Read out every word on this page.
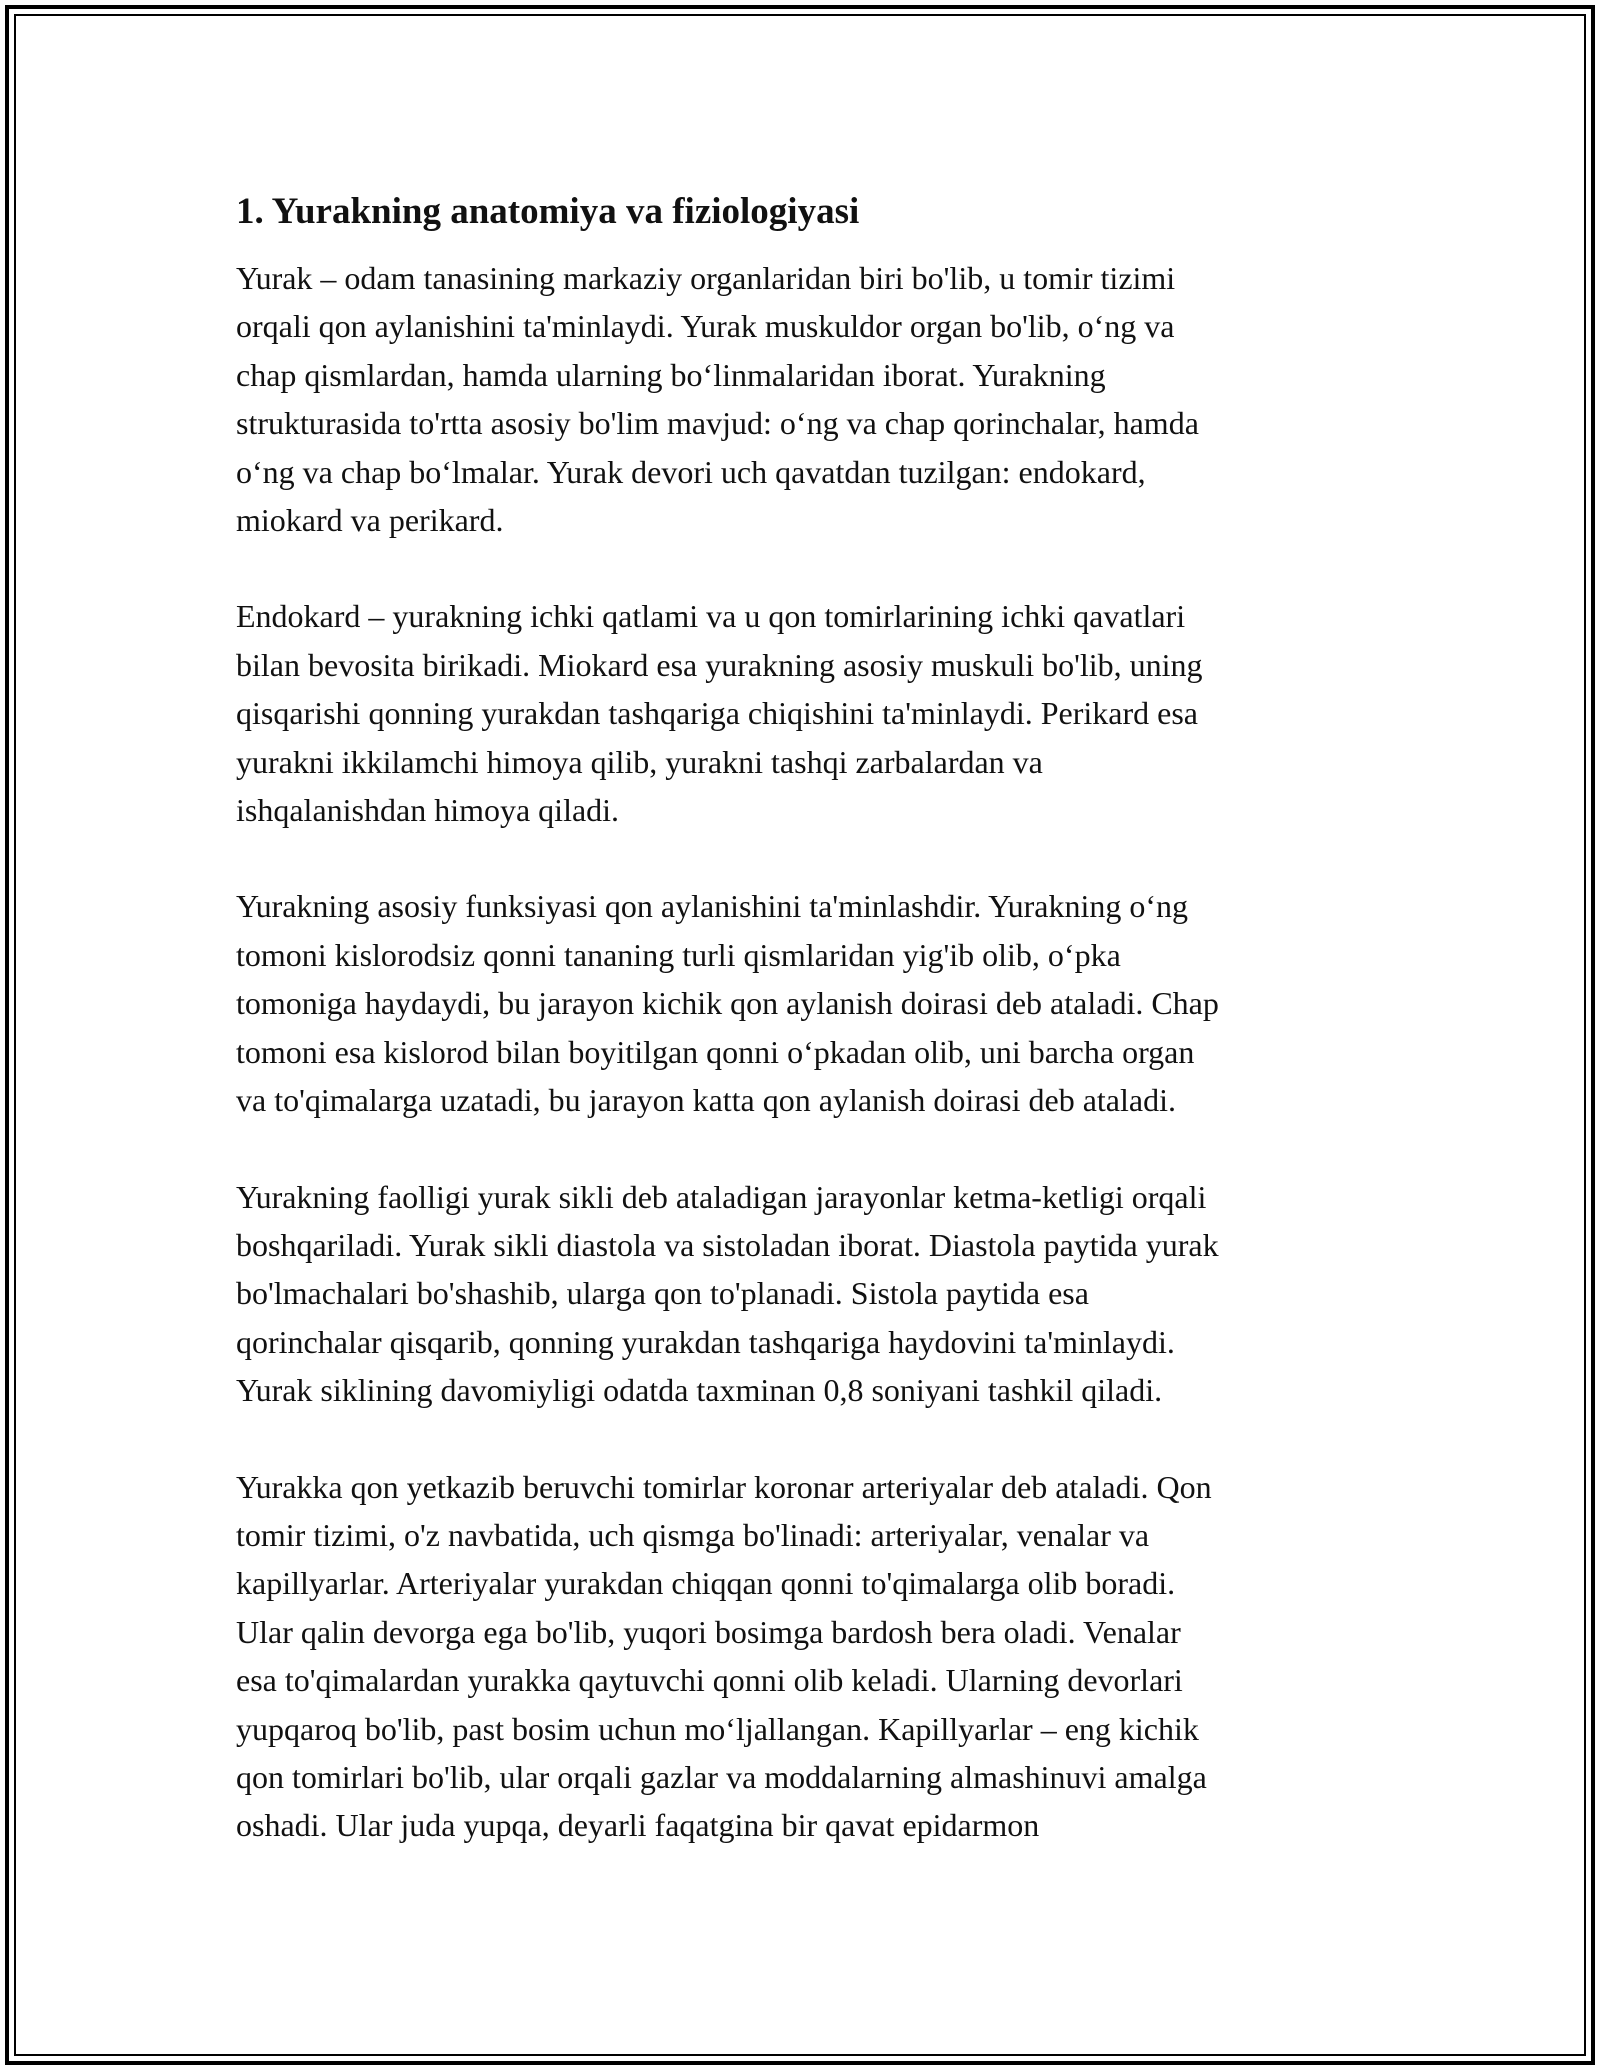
1. Yurakning anatomiya va fiziologiyasi

Yurak – odam tanasining markaziy organlaridan biri bo'lib, u tomir tizimi
orqali qon aylanishini ta'minlaydi. Yurak muskuldor organ bo'lib, o‘ng va
chap qismlardan, hamda ularning bo‘linmalaridan iborat. Yurakning
strukturasida to'rtta asosiy bo'lim mavjud: o‘ng va chap qorinchalar, hamda
o‘ng va chap bo‘lmalar. Yurak devori uch qavatdan tuzilgan: endokard,
miokard va perikard.

Endokard – yurakning ichki qatlami va u qon tomirlarining ichki qavatlari
bilan bevosita birikadi. Miokard esa yurakning asosiy muskuli bo'lib, uning
qisqarishi qonning yurakdan tashqariga chiqishini ta'minlaydi. Perikard esa
yurakni ikkilamchi himoya qilib, yurakni tashqi zarbalardan va
ishqalanishdan himoya qiladi.

Yurakning asosiy funksiyasi qon aylanishini ta'minlashdir. Yurakning o‘ng
tomoni kislorodsiz qonni tananing turli qismlaridan yig'ib olib, o‘pka
tomoniga haydaydi, bu jarayon kichik qon aylanish doirasi deb ataladi. Chap
tomoni esa kislorod bilan boyitilgan qonni o‘pkadan olib, uni barcha organ
va to'qimalarga uzatadi, bu jarayon katta qon aylanish doirasi deb ataladi.

Yurakning faolligi yurak sikli deb ataladigan jarayonlar ketma-ketligi orqali
boshqariladi. Yurak sikli diastola va sistoladan iborat. Diastola paytida yurak
bo'lmachalari bo'shashib, ularga qon to'planadi. Sistola paytida esa
qorinchalar qisqarib, qonning yurakdan tashqariga haydovini ta'minlaydi.
Yurak siklining davomiyligi odatda taxminan 0,8 soniyani tashkil qiladi.

Yurakka qon yetkazib beruvchi tomirlar koronar arteriyalar deb ataladi. Qon
tomir tizimi, o'z navbatida, uch qismga bo'linadi: arteriyalar, venalar va
kapillyarlar. Arteriyalar yurakdan chiqqan qonni to'qimalarga olib boradi.
Ular qalin devorga ega bo'lib, yuqori bosimga bardosh bera oladi. Venalar
esa to'qimalardan yurakka qaytuvchi qonni olib keladi. Ularning devorlari
yupqaroq bo'lib, past bosim uchun mo‘ljallangan. Kapillyarlar – eng kichik
qon tomirlari bo'lib, ular orqali gazlar va moddalarning almashinuvi amalga
oshadi. Ular juda yupqa, deyarli faqatgina bir qavat epidarmon
